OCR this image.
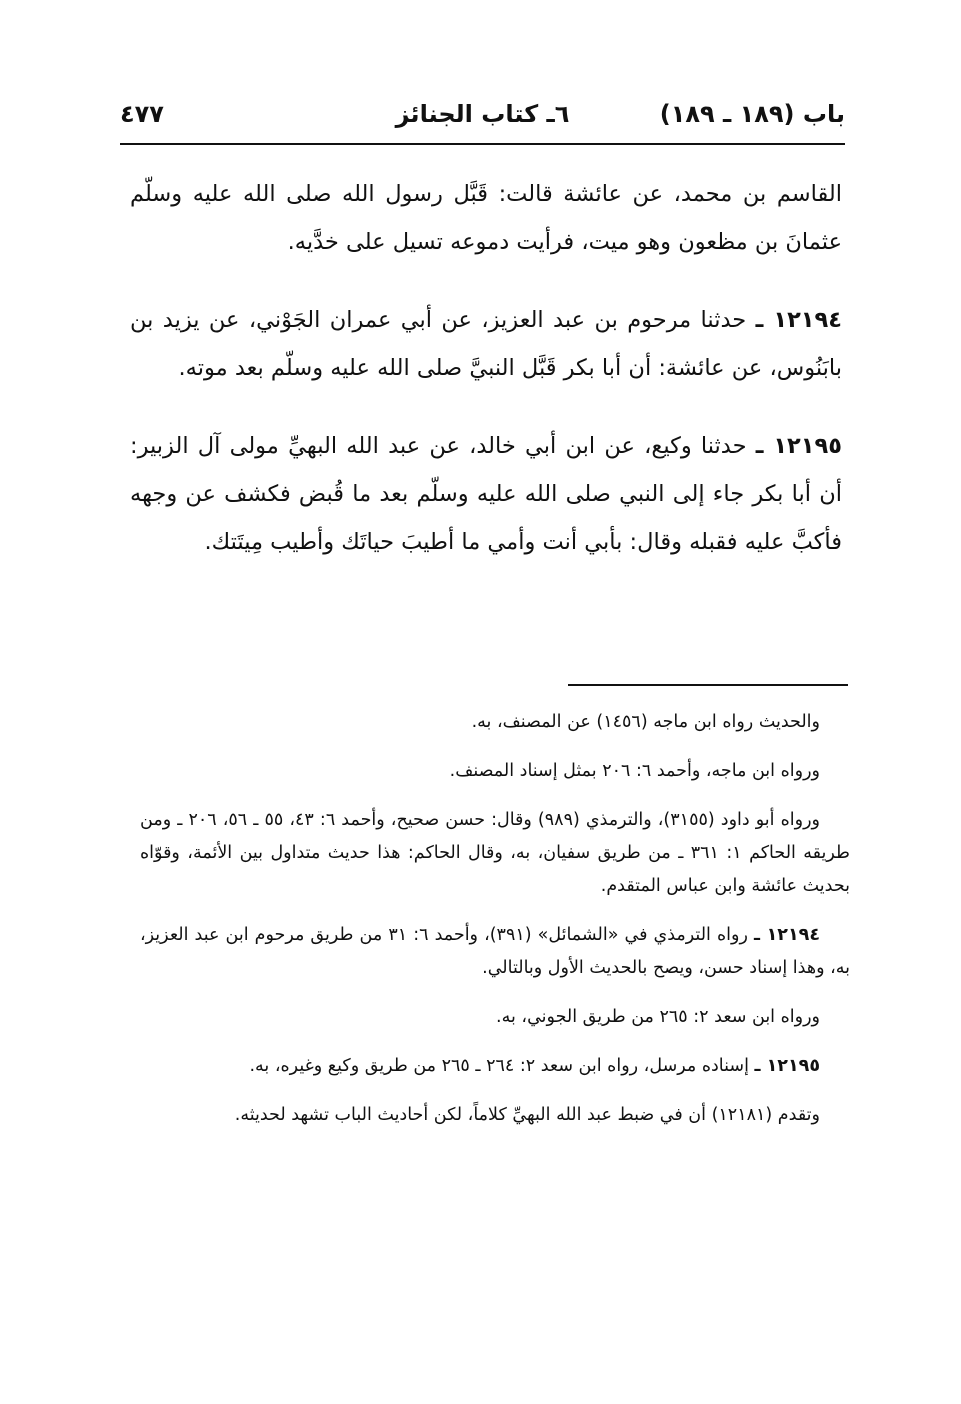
باب (١٨٩ ـ ١٨٩)
٦ـ كتاب الجنائز
٤٧٧

القاسم بن محمد، عن عائشة قالت: قَبَّل رسول الله صلى الله عليه وسلّم عثمانَ بن مظعون وهو ميت، فرأيت دموعه تسيل على خدَّيه.

١٢١٩٤ ـ حدثنا مرحوم بن عبد العزيز، عن أبي عمران الجَوْني، عن يزيد بن بابَنُوس، عن عائشة: أن أبا بكر قَبَّل النبيَّ صلى الله عليه وسلّم بعد موته.

١٢١٩٥ ـ حدثنا وكيع، عن ابن أبي خالد، عن عبد الله البهيِّ مولى آل الزبير: أن أبا بكر جاء إلى النبي صلى الله عليه وسلّم بعد ما قُبض فكشف عن وجهه فأكبَّ عليه فقبله وقال: بأبي أنت وأمي ما أطيبَ حياتَك وأطيب مِيتَتك.

والحديث رواه ابن ماجه (١٤٥٦) عن المصنف، به.

ورواه ابن ماجه، وأحمد ٦: ٢٠٦ بمثل إسناد المصنف.

ورواه أبو داود (٣١٥٥)، والترمذي (٩٨٩) وقال: حسن صحيح، وأحمد ٦: ٤٣، ٥٥ ـ ٥٦، ٢٠٦ ـ ومن طريقه الحاكم ١: ٣٦١ ـ من طريق سفيان، به، وقال الحاكم: هذا حديث متداول بين الأئمة، وقوّاه بحديث عائشة وابن عباس المتقدم.

١٢١٩٤ ـ رواه الترمذي في «الشمائل» (٣٩١)، وأحمد ٦: ٣١ من طريق مرحوم ابن عبد العزيز، به، وهذا إسناد حسن، ويصح بالحديث الأول وبالتالي.

ورواه ابن سعد ٢: ٢٦٥ من طريق الجوني، به.

١٢١٩٥ ـ إسناده مرسل، رواه ابن سعد ٢: ٢٦٤ ـ ٢٦٥ من طريق وكيع وغيره، به.

وتقدم (١٢١٨١) أن في ضبط عبد الله البهيِّ كلاماً، لكن أحاديث الباب تشهد لحديثه.
